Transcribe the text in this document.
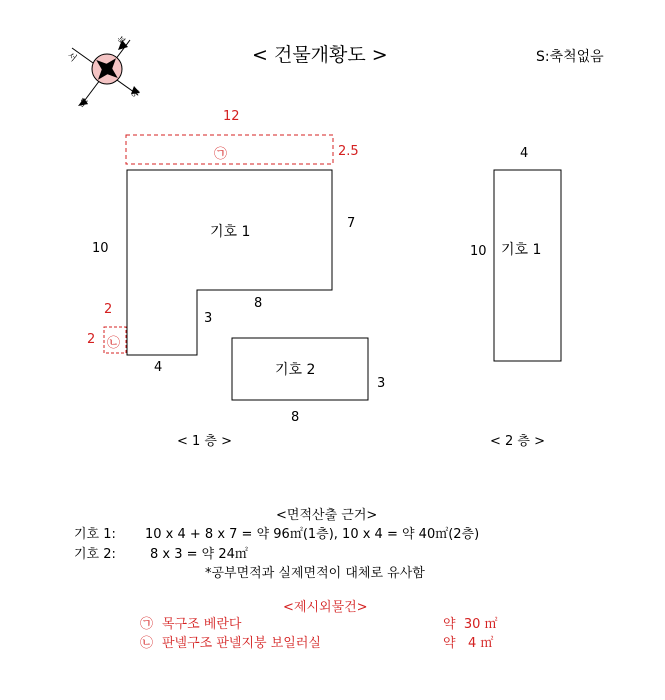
북
동
남
서	< 건물개황도 >	S:축척없음
12
2.5
㉠
기호 1
10
7
8
3
4
2
2 ㉡
기호 2
3
8
< 1 층 >	< 2 층 >
4
10 기호 1
<면적산출 근거>
기호 1: 10 x 4 + 8 x 7 = 약 96㎡(1층), 10 x 4 = 약 40㎡(2층)
기호 2:	8 x 3 = 약 24㎡
*공부면적과 실제면적이 대체로 유사함
<제시외물건>
㉠ 목구조 베란다	약  30 ㎡
㉡ 판넬구조 판넬지붕 보일러실	약   4 ㎡
